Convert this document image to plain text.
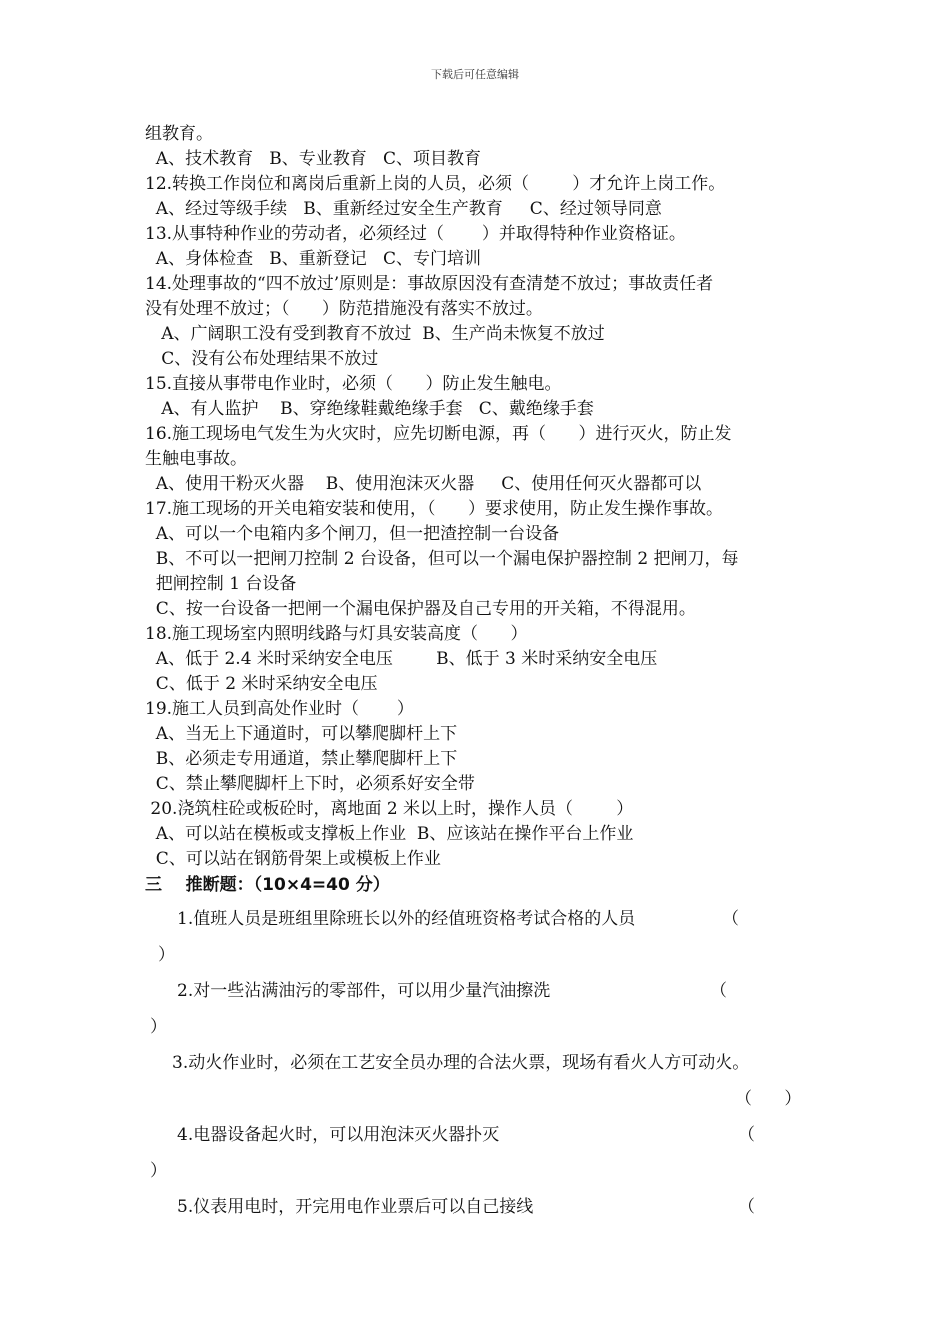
下载后可任意编辑
组教育。
A、技术教育   B、专业教育   C、项目教育
12.转换工作岗位和离岗后重新上岗的人员，必须（        ）才允许上岗工作。
A、经过等级手续   B、重新经过安全生产教育     C、经过领导同意
13.从事特种作业的劳动者，必须经过（       ）并取得特种作业资格证。
A、身体检查   B、重新登记   C、专门培训
14.处理事故的“四不放过’原则是：事故原因没有查清楚不放过；事故责任者
没有处理不放过；（      ）防范措施没有落实不放过。
A、广阔职工没有受到教育不放过  B、生产尚未恢复不放过
C、没有公布处理结果不放过
15.直接从事带电作业时，必须（      ）防止发生触电。
A、有人监护    B、穿绝缘鞋戴绝缘手套   C、戴绝缘手套
16.施工现场电气发生为火灾时，应先切断电源，再（      ）进行灭火，防止发
生触电事故。
A、使用干粉灭火器    B、使用泡沫灭火器     C、使用任何灭火器都可以
17.施工现场的开关电箱安装和使用，（      ）要求使用，防止发生操作事故。
A、可以一个电箱内多个闸刀，但一把渣控制一台设备
B、不可以一把闸刀控制 2 台设备，但可以一个漏电保护器控制 2 把闸刀，每
把闸控制 1 台设备
C、按一台设备一把闸一个漏电保护器及自己专用的开关箱，不得混用。
18.施工现场室内照明线路与灯具安装高度（      ）
A、低于 2.4 米时采纳安全电压        B、低于 3 米时采纳安全电压
C、低于 2 米时采纳安全电压
19.施工人员到高处作业时（       ）
A、当无上下通道时，可以攀爬脚杆上下
B、必须走专用通道，禁止攀爬脚杆上下
C、禁止攀爬脚杆上下时，必须系好安全带
20.浇筑柱砼或板砼时，离地面 2 米以上时，操作人员（        ）
A、可以站在模板或支撑板上作业  B、应该站在操作平台上作业
C、可以站在钢筋骨架上或模板上作业
三    推断题：（10×4=40 分）
1.值班人员是班组里除班长以外的经值班资格考试合格的人员	（
）
2.对一些沾满油污的零部件，可以用少量汽油擦洗	（
）
3.动火作业时，必须在工艺安全员办理的合法火票，现场有看火人方可动火。
（      ）
4.电器设备起火时，可以用泡沫灭火器扑灭	（
）
5.仪表用电时，开完用电作业票后可以自己接线	（
